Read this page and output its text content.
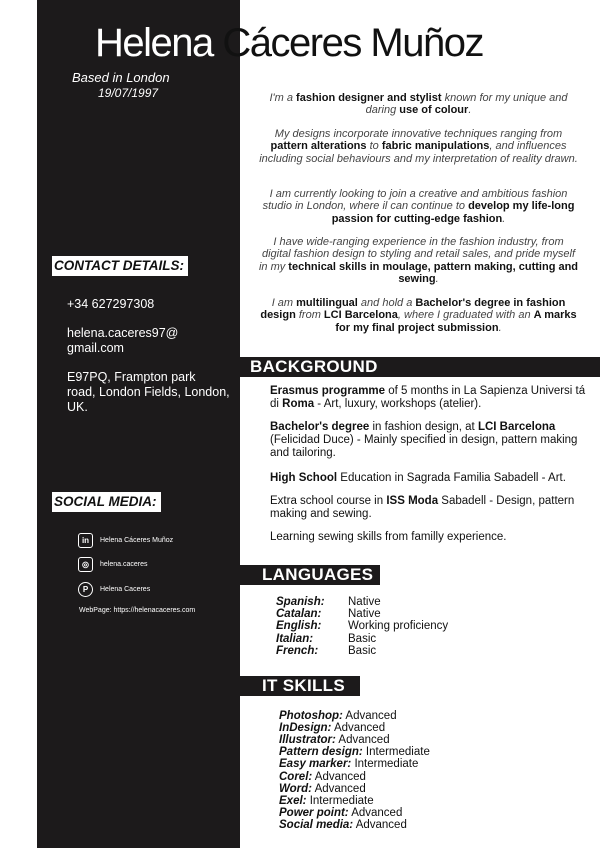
Helena Cáceres Muñoz
Based in London
19/07/1997	I'm a fashion designer and stylist known for my unique and daring use of colour.
My designs incorporate innovative techniques ranging from pattern alterations to fabric manipulations, and influences including social behaviours and my interpretation of reality drawn.
I am currently looking to join a creative and ambitious fashion studio in London, where il can continue to develop my life-long passion for cutting-edge fashion.
I have wide-ranging experience in the fashion industry, from digital fashion design to styling and retail sales, and pride myself in my technical skills in moulage, pattern making, cutting and sewing.
I am multilingual and hold a Bachelor's degree in fashion design from LCI Barcelona, where I graduated with an A marks for my final project submission.
CONTACT DETAILS:
+34 627297308
helena.caceres97@
gmail.com
E97PQ, Frampton park
road, London Fields, London,
UK.
SOCIAL MEDIA:
in	Helena Cáceres Muñoz
◎	helena.caceres
P	Helena Caceres
WebPage: https://helenacaceres.com
BACKGROUND
Erasmus programme of 5 months in La Sapienza Universi tá di Roma - Art, luxury, workshops (atelier).
Bachelor's degree in fashion design, at LCI Barcelona (Felicidad Duce) - Mainly specified in design, pattern making and tailoring.
High School Education in Sagrada Familia Sabadell - Art.
Extra school course in ISS Moda Sabadell - Design, pattern making and sewing.
Learning sewing skills from familly experience.
LANGUAGES
Spanish:	Native
Catalan:	Native
English:	Working proficiency
Italian:	Basic
French:	Basic
IT SKILLS
Photoshop: Advanced
InDesign: Advanced
Illustrator: Advanced
Pattern design: Intermediate
Easy marker: Intermediate
Corel: Advanced
Word: Advanced
Exel: Intermediate
Power point: Advanced
Social media: Advanced
